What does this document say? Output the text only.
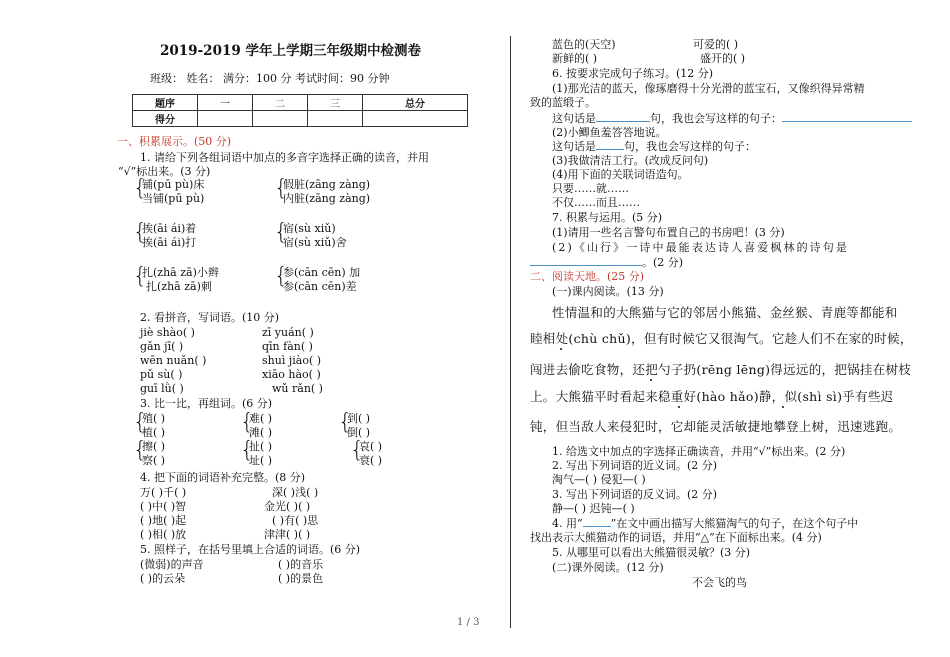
2019-2019 学年上学期三年级期中检测卷
班级： 姓名： 满分：100 分 考试时间：90 分钟
题序	一	二	三	总分
得分				
一、积累展示。(50 分)
1. 请给下列各组词语中加点的多音字选择正确的读音，并用
“√”标出来。(3 分)
{
铺(pū pù)床
当铺(pū pù)	{
假脏(zāng zàng)
内脏(zāng zàng)
{
挨(āi ái)着
挨(āi ái)打	{
宿(sù xiǔ)
宿(sù xiǔ)舍
{
扎(zhā zā)小辫
扎(zhā zā)刺	{
参(cān cēn) 加
参(cān cēn)差
2. 看拼音，写词语。(10 分)
jiè shào( )	zī yuán( )
gǎn jī( )	qīn fàn( )
wēn nuǎn( )	shuì jiào( )
pǔ sù( )	xiāo hào( )
guī lǜ( )	wǔ rǎn( )
3. 比一比，再组词。(6 分)
{
殖( )
植( )	{
难( )
滩( )	{
到( )
倒( )
{
擦( )
察( )	{
扯( )
址( )	{
哀( )
衰( )
4. 把下面的词语补充完整。(8 分)
万( )千( )	深( )浅( )
( )中( )智	金光( )( )
( )地( )起	( )有( )思
( )相( )放	津津( )( )
5. 照样子，在括号里填上合适的词语。(6 分)
(微弱)的声音	( )的音乐
( )的云朵	( )的景色
蓝色的(天空)	可爱的( )
新鲜的( )	盛开的( )
6. 按要求完成句子练习。(12 分)
(1)那光洁的蓝天，像琢磨得十分光滑的蓝宝石，又像织得异常精
致的蓝缎子。
这句话是	句，我也会写这样的句子：
(2)小鲫鱼羞答答地说。
这句话是	句，我也会写这样的句子：
(3)我做清洁工行。(改成反问句)
(4)用下面的关联词语造句。
只要……就……
不仅……而且……
7. 积累与运用。(5 分)
(1)请用一些名言警句布置自己的书房吧！(3 分)
(2)《山行》一诗中最能表达诗人喜爱枫林的诗句是
。(2 分)
二、阅读天地。(25 分)
(一)课内阅读。(13 分)
性情温和的大熊猫与它的邻居小熊猫、金丝猴、青鹿等都能和
睦相处(chù chǔ)，但有时候它又很淘气。它趁人们不在家的时候，
闯进去偷吃食物，还把勺子扔(rēng lēng)得远远的，把锅挂在树枝
上。大熊猫平时看起来稳重好(hào hǎo)静，似(shì sì)乎有些迟
钝，但当敌人来侵犯时，它却能灵活敏捷地攀登上树，迅速逃跑。
1. 给选文中加点的字选择正确读音，并用“√”标出来。(2 分)
2. 写出下列词语的近义词。(2 分)
淘气—( ) 侵犯—( )
3. 写出下列词语的反义词。(2 分)
静—( ) 迟钝—( )
4. 用“	”在文中画出描写大熊猫淘气的句子，在这个句子中
找出表示大熊猫动作的词语，并用“△”在下面标出来。(4 分)
5. 从哪里可以看出大熊猫很灵敏？(3 分)
(二)课外阅读。(12 分)
不会飞的鸟
1 / 3
